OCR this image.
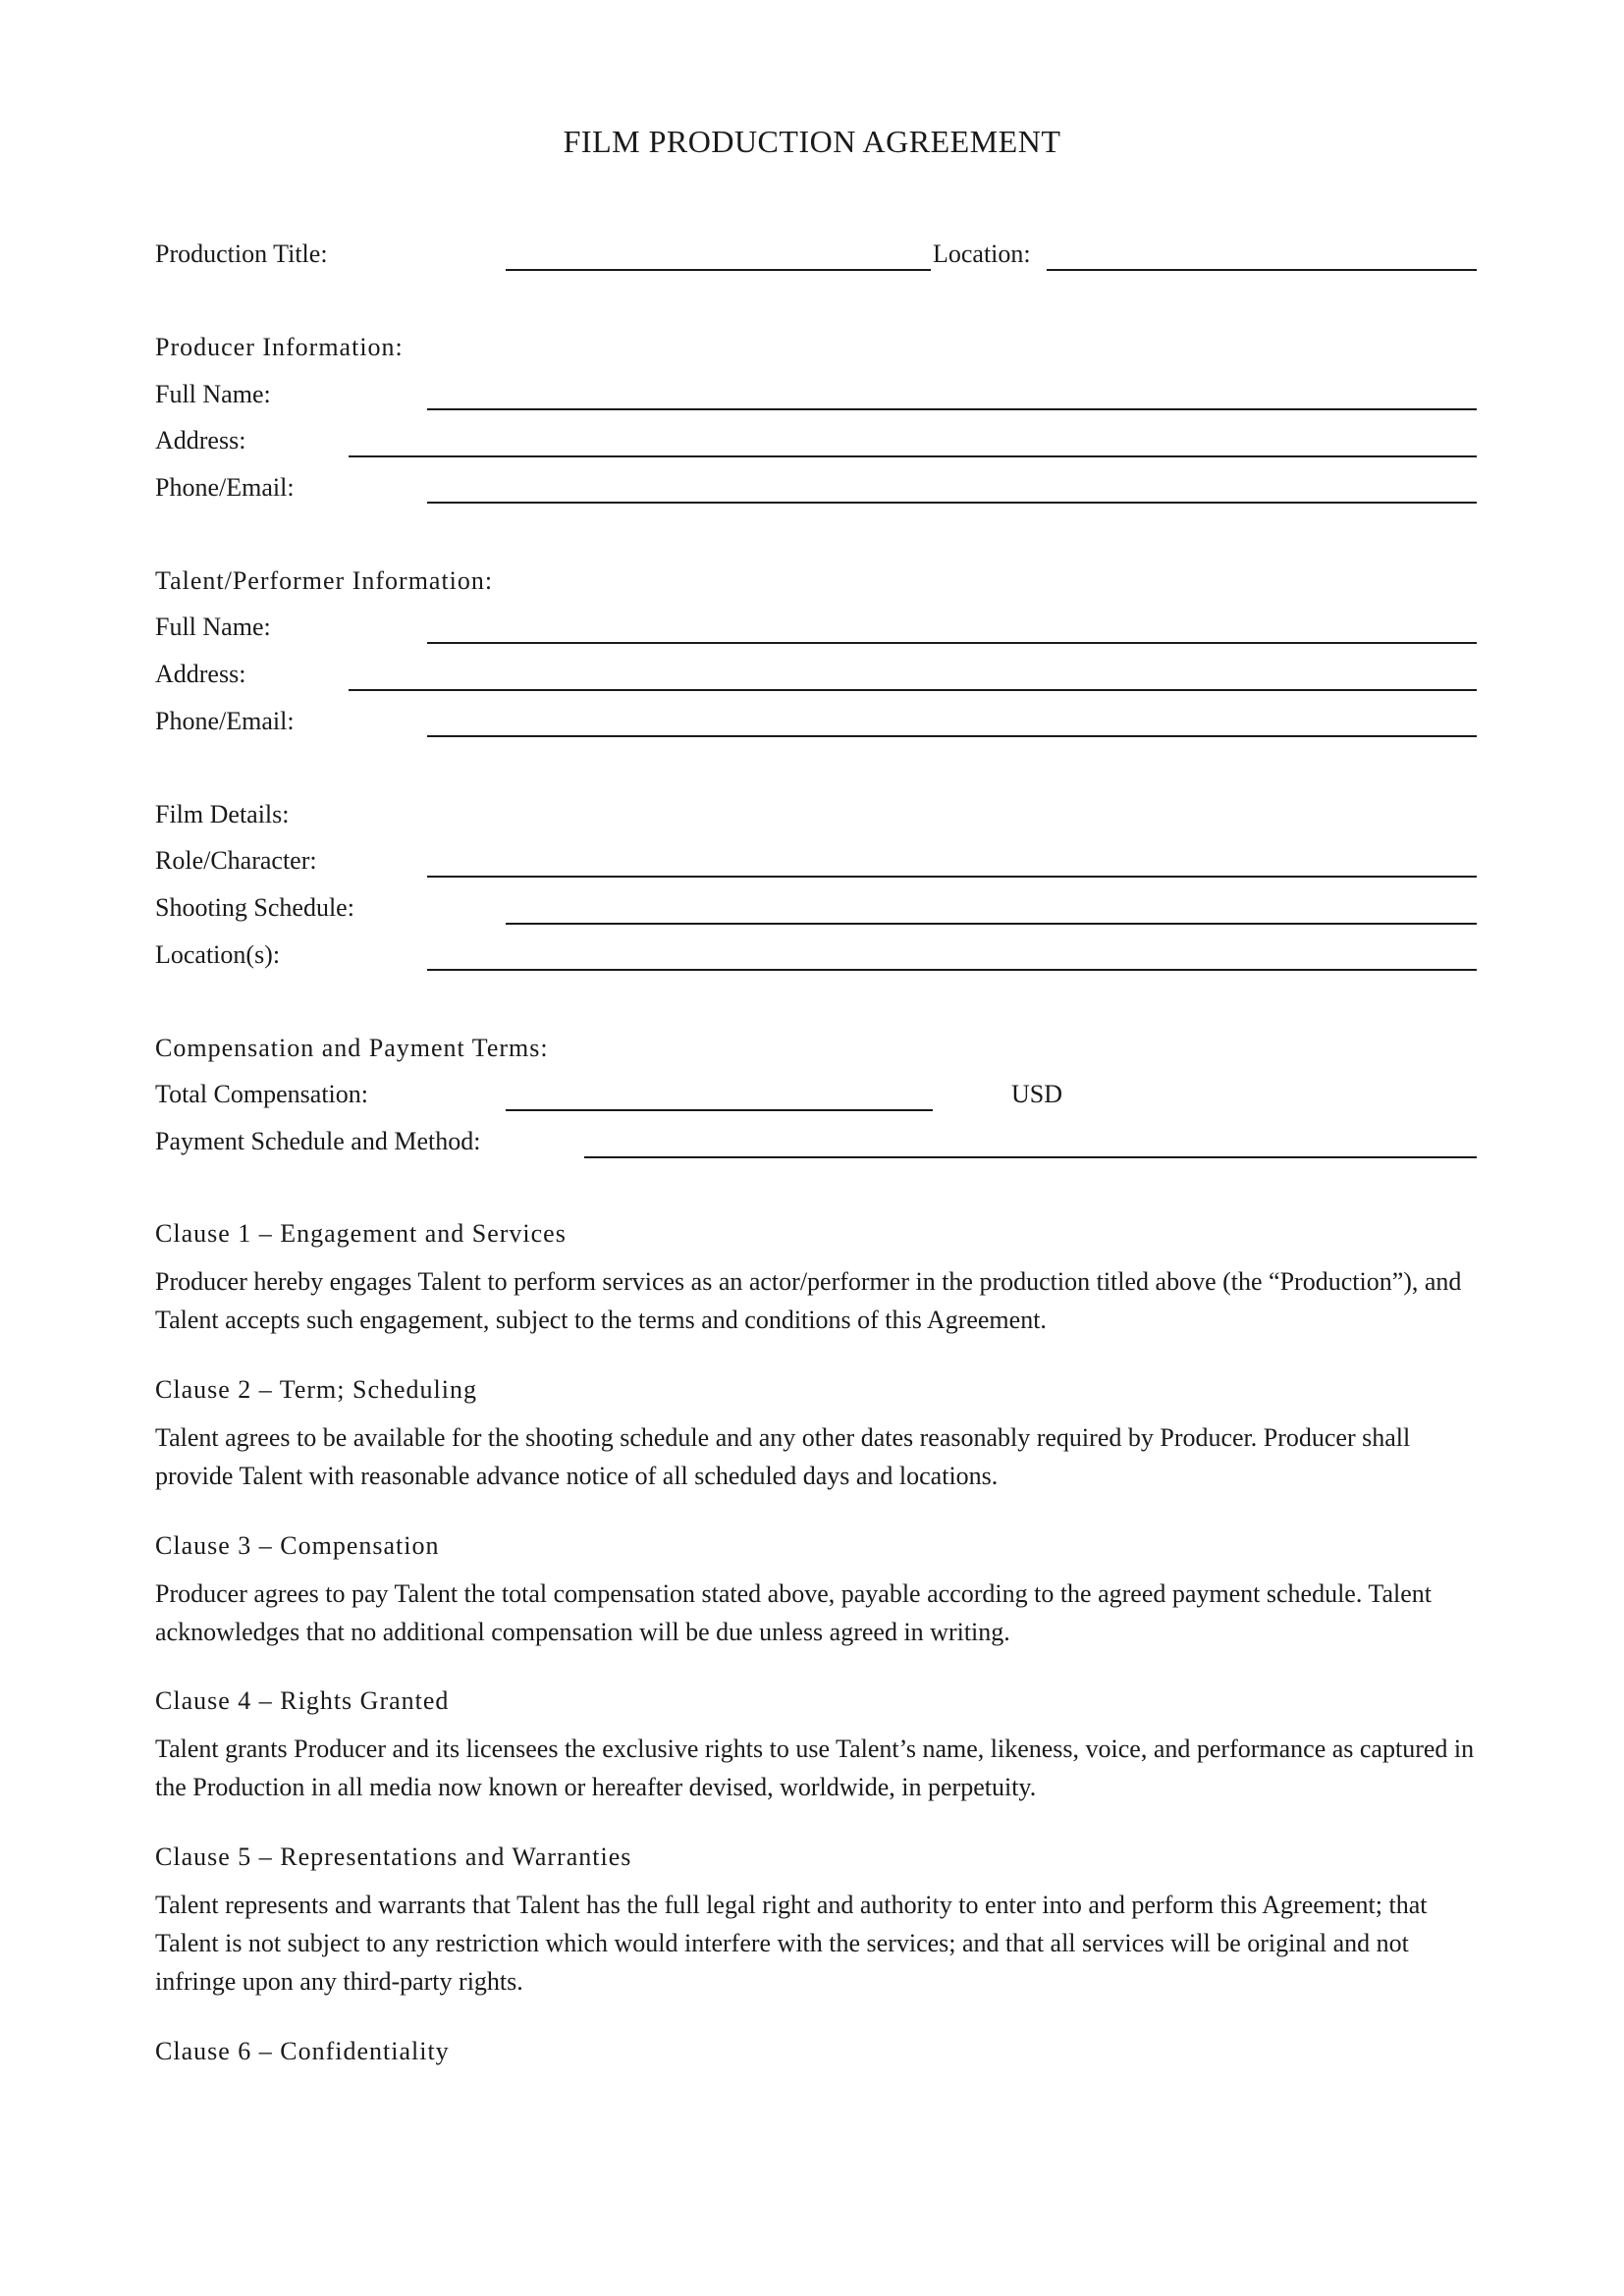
FILM PRODUCTION AGREEMENT
Production Title:	Location:
Producer Information:
Full Name:
Address:
Phone/Email:
Talent/Performer Information:
Full Name:
Address:
Phone/Email:
Film Details:
Role/Character:
Shooting Schedule:
Location(s):
Compensation and Payment Terms:
Total Compensation:	USD
Payment Schedule and Method:
Clause 1 – Engagement and Services
Producer hereby engages Talent to perform services as an actor/performer in the production titled above (the “Production”), and Talent accepts such engagement, subject to the terms and conditions of this Agreement.
Clause 2 – Term; Scheduling
Talent agrees to be available for the shooting schedule and any other dates reasonably required by Producer. Producer shall provide Talent with reasonable advance notice of all scheduled days and locations.
Clause 3 – Compensation
Producer agrees to pay Talent the total compensation stated above, payable according to the agreed payment schedule. Talent acknowledges that no additional compensation will be due unless agreed in writing.
Clause 4 – Rights Granted
Talent grants Producer and its licensees the exclusive rights to use Talent’s name, likeness, voice, and performance as captured in the Production in all media now known or hereafter devised, worldwide, in perpetuity.
Clause 5 – Representations and Warranties
Talent represents and warrants that Talent has the full legal right and authority to enter into and perform this Agreement; that Talent is not subject to any restriction which would interfere with the services; and that all services will be original and not infringe upon any third-party rights.
Clause 6 – Confidentiality
